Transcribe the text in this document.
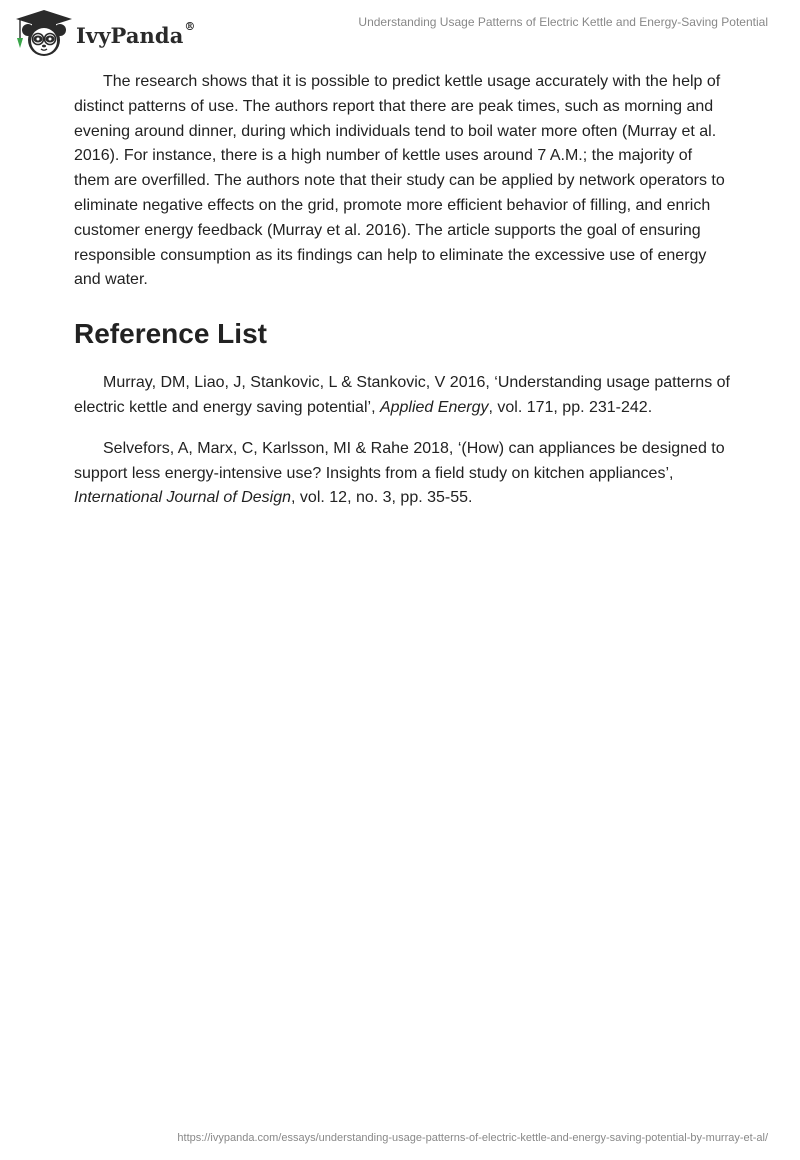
IvyPanda®	Understanding Usage Patterns of Electric Kettle and Energy-Saving Potential

The research shows that it is possible to predict kettle usage accurately with the help of distinct patterns of use. The authors report that there are peak times, such as morning and evening around dinner, during which individuals tend to boil water more often (Murray et al. 2016). For instance, there is a high number of kettle uses around 7 A.M.; the majority of them are overfilled. The authors note that their study can be applied by network operators to eliminate negative effects on the grid, promote more efficient behavior of filling, and enrich customer energy feedback (Murray et al. 2016). The article supports the goal of ensuring responsible consumption as its findings can help to eliminate the excessive use of energy and water.

Reference List

Murray, DM, Liao, J, Stankovic, L & Stankovic, V 2016, ‘Understanding usage patterns of electric kettle and energy saving potential’, Applied Energy, vol. 171, pp. 231-242.

Selvefors, A, Marx, C, Karlsson, MI & Rahe 2018, ‘(How) can appliances be designed to support less energy-intensive use? Insights from a field study on kitchen appliances’, International Journal of Design, vol. 12, no. 3, pp. 35-55.

https://ivypanda.com/essays/understanding-usage-patterns-of-electric-kettle-and-energy-saving-potential-by-murray-et-al/
